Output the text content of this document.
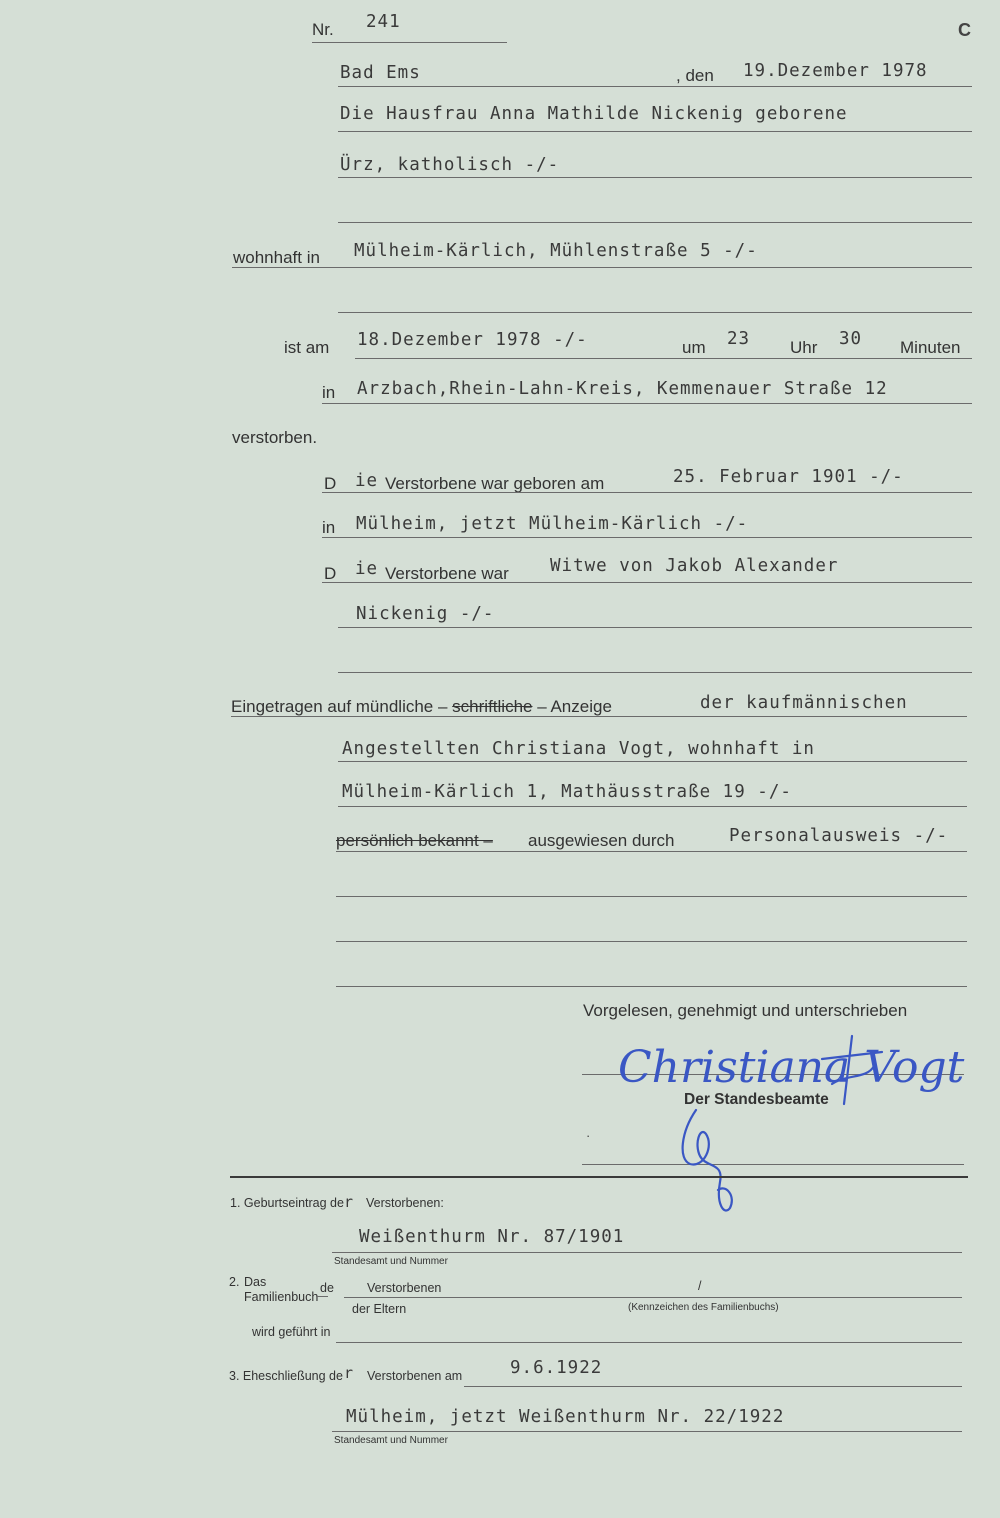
Nr. 241	C
Bad Ems	, den 19.Dezember 1978
Die Hausfrau Anna Mathilde Nickenig geborene
Ürz, katholisch -/-
wohnhaft in Mülheim-Kärlich, Mühlenstraße 5 -/-
ist am 18.Dezember 1978 -/-	um 23 Uhr 30 Minuten
in Arzbach,Rhein-Lahn-Kreis, Kemmenauer Straße 12
verstorben.
D ie Verstorbene war geboren am	25. Februar 1901 -/-
in Mülheim, jetzt Mülheim-Kärlich -/-
D ie Verstorbene war Witwe von Jakob Alexander
Nickenig -/-
Eingetragen auf mündliche – schriftliche – Anzeige	der kaufmännischen
Angestellten Christiana Vogt, wohnhaft in
Mülheim-Kärlich 1, Mathäusstraße 19 -/-
persönlich bekannt – ausgewiesen durch	Personalausweis -/-
Vorgelesen, genehmigt und unterschrieben
Christiana Vogt
Der Standesbeamte
·
1. Geburtseintrag de r Verstorbenen:
Weißenthurm Nr. 87/1901
Standesamt und Nummer
2. Das
Familienbuch
de	Verstorbenen	/
der Eltern	(Kennzeichen des Familienbuchs)
wird geführt in
3. Eheschließung de r Verstorbenen am	9.6.1922
Mülheim, jetzt Weißenthurm Nr. 22/1922
Standesamt und Nummer
